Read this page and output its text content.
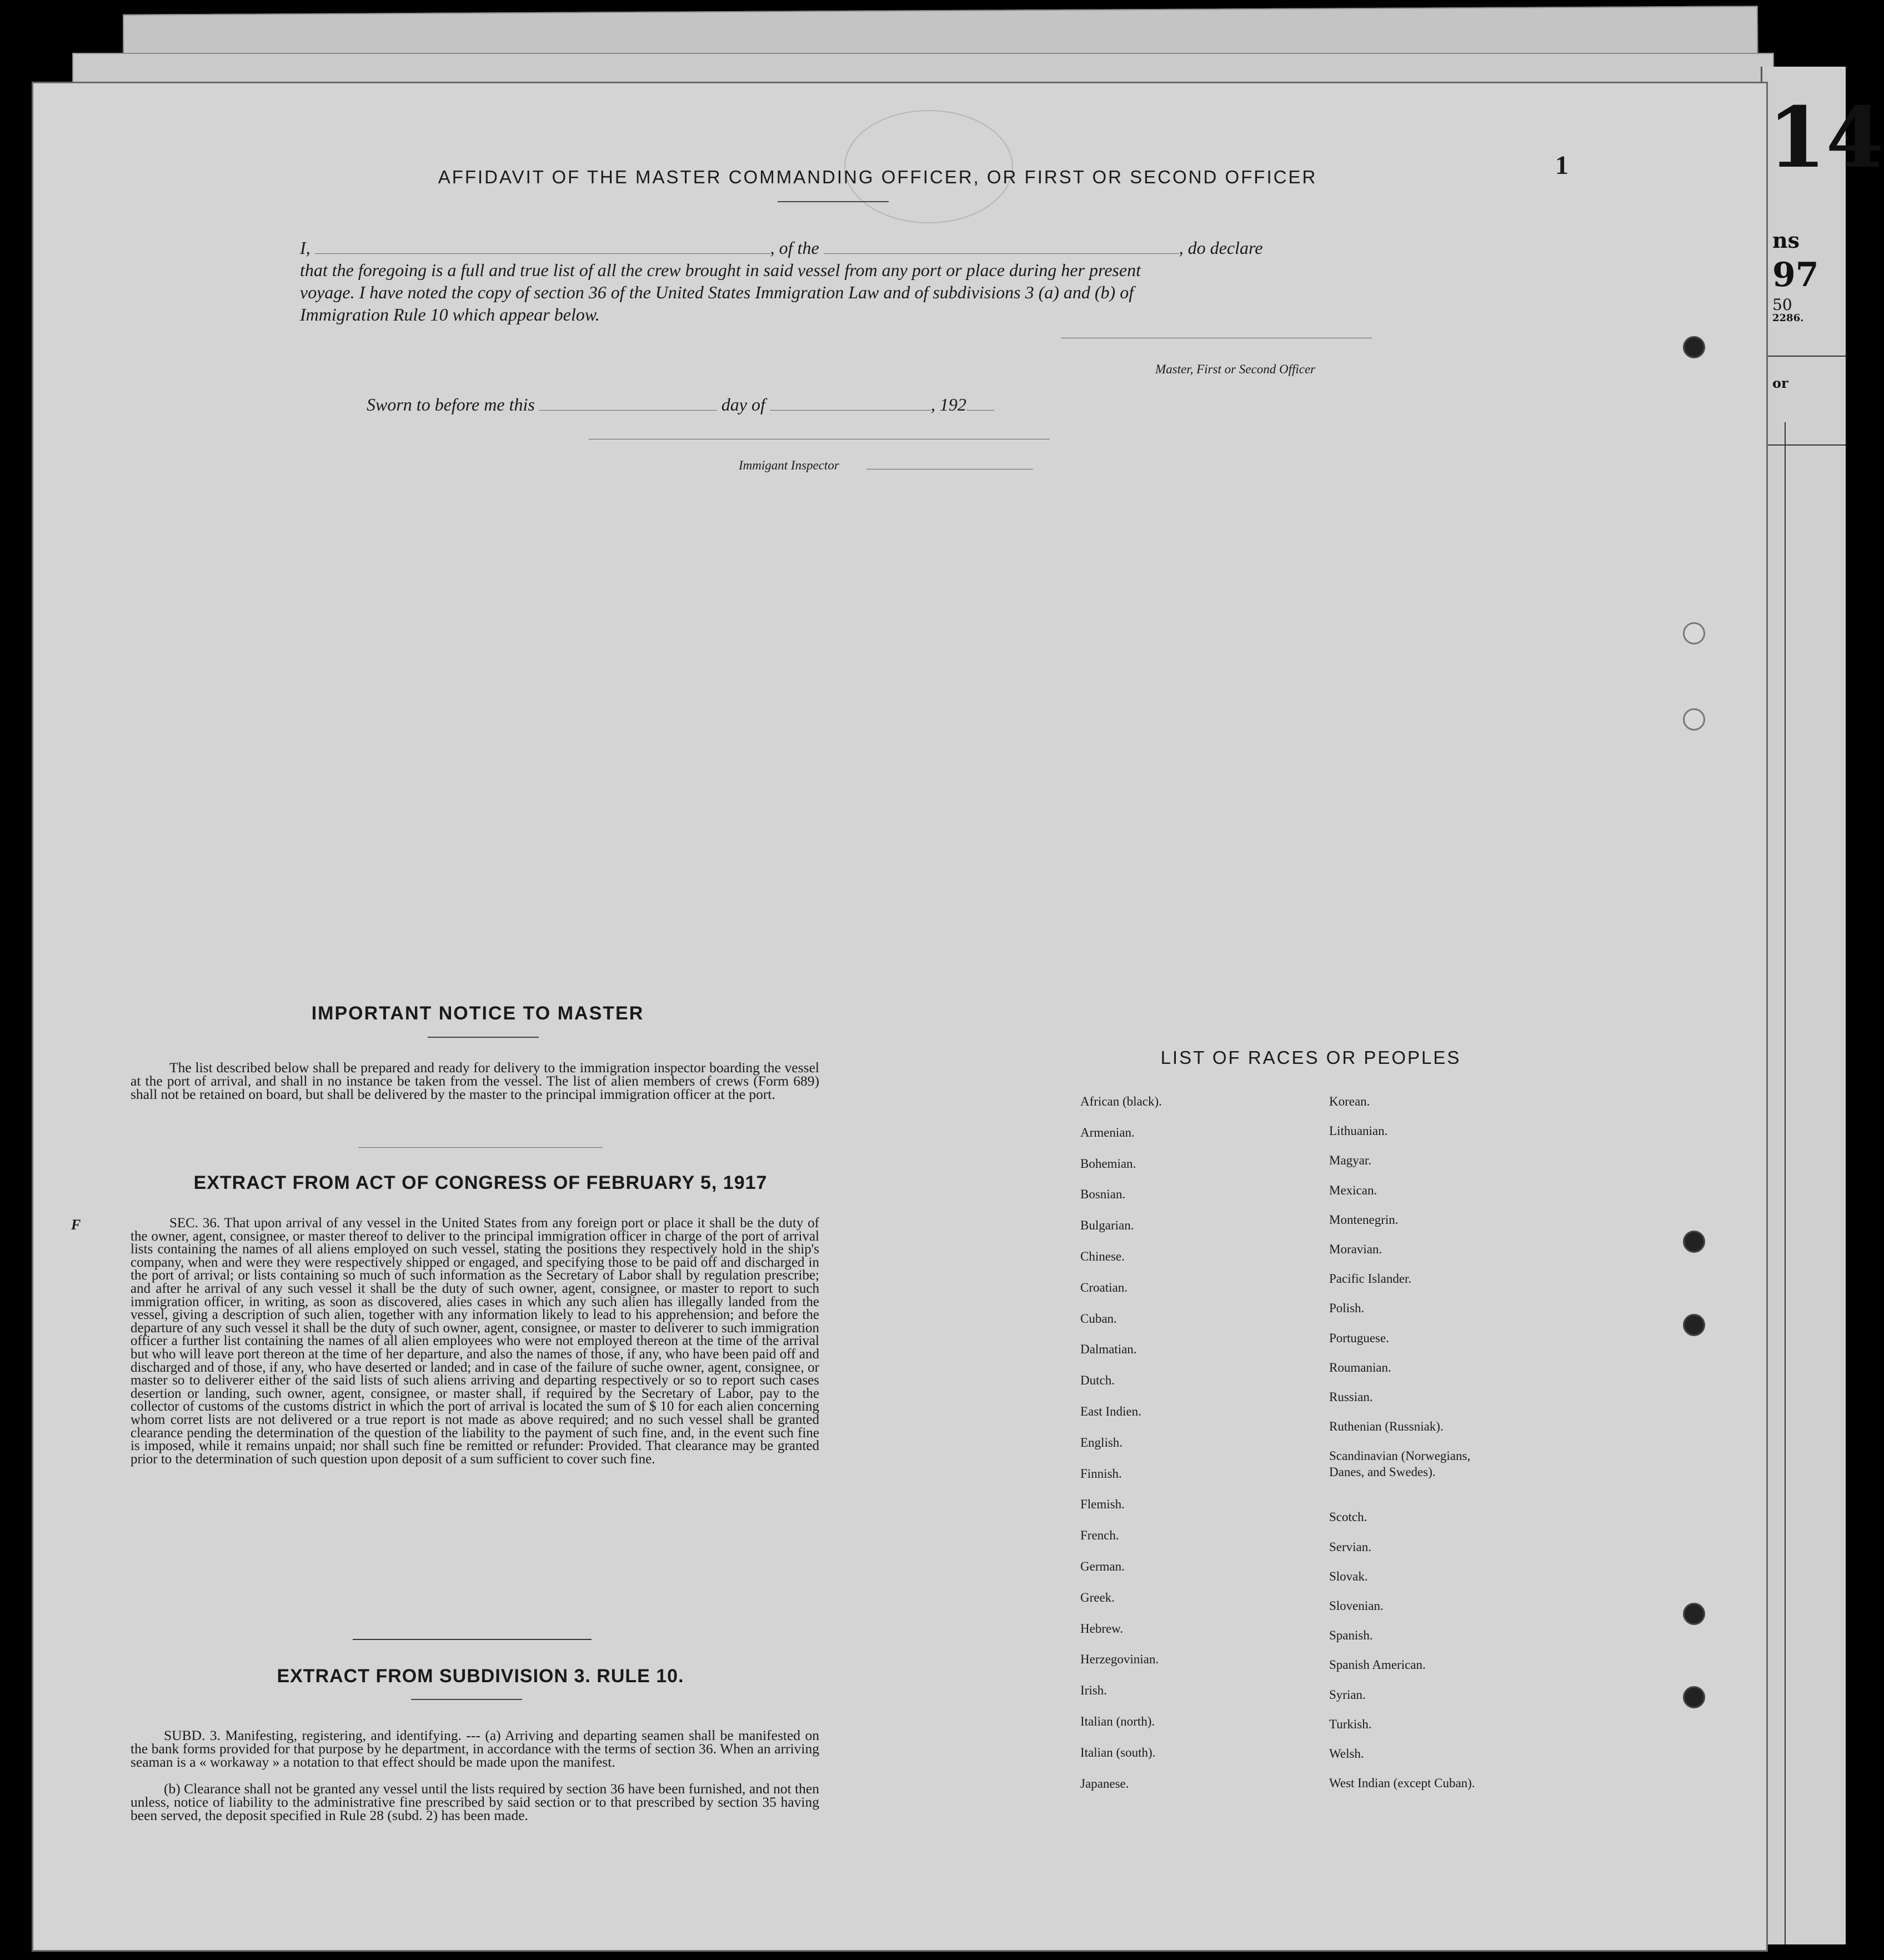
14
ns
97
50
2286.
or
1
F
AFFIDAVIT OF THE MASTER COMMANDING OFFICER, OR FIRST OR SECOND OFFICER
I,	, of the	, do declare
that the foregoing is a full and true list of all the crew brought in said vessel from any port or place during her present
voyage. I have noted the copy of section 36 of the United States Immigration Law and of subdivisions 3 (a) and (b) of
Immigration Rule 10 which appear below.
Master, First or Second Officer
Sworn to before me this	day of	, 192
Immigant Inspector
IMPORTANT NOTICE TO MASTER
The list described below shall be prepared and ready for delivery to the immigration inspector boarding the vessel at the port of arrival, and shall in no instance be taken from the vessel. The list of alien members of crews (Form 689) shall not be retained on board, but shall be delivered by the master to the principal immigration officer at the port.
EXTRACT FROM ACT OF CONGRESS OF FEBRUARY 5, 1917
SEC. 36. That upon arrival of any vessel in the United States from any foreign port or place it shall be the duty of the owner, agent, consignee, or master thereof to deliver to the principal immigration officer in charge of the port of arrival lists containing the names of all aliens employed on such vessel, stating the positions they respectively hold in the ship's company, when and were they were respectively shipped or engaged, and specifying those to be paid off and discharged in the port of arrival; or lists containing so much of such information as the Secretary of Labor shall by regulation prescribe; and after he arrival of any such vessel it shall be the duty of such owner, agent, consignee, or master to report to such immigration officer, in writing, as soon as discovered, alies cases in which any such alien has illegally landed from the vessel, giving a description of such alien, together with any information likely to lead to his apprehension; and before the departure of any such vessel it shall be the duty of such owner, agent, consignee, or master to deliverer to such immigration officer a further list containing the names of all alien employees who were not employed thereon at the time of the arrival but who will leave port thereon at the time of her departure, and also the names of those, if any, who have been paid off and discharged and of those, if any, who have deserted or landed; and in case of the failure of suche owner, agent, consignee, or master so to deliverer either of the said lists of such aliens arriving and departing respectively or so to report such cases desertion or landing, such owner, agent, consignee, or master shall, if required by the Secretary of Labor, pay to the collector of customs of the customs district in which the port of arrival is located the sum of $ 10 for each alien concerning whom corret lists are not delivered or a true report is not made as above required; and no such vessel shall be granted clearance pending the determination of the question of the liability to the payment of such fine, and, in the event such fine is imposed, while it remains unpaid; nor shall such fine be remitted or refunder: Provided. That clearance may be granted prior to the determination of such question upon deposit of a sum sufficient to cover such fine.
EXTRACT FROM SUBDIVISION 3. RULE 10.
SUBD. 3. Manifesting, registering, and identifying. --- (a) Arriving and departing seamen shall be manifested on the bank forms provided for that purpose by he department, in accordance with the terms of section 36. When an arriving seaman is a « workaway » a notation to that effect should be made upon the manifest.
(b) Clearance shall not be granted any vessel until the lists required by section 36 have been furnished, and not then unless, notice of liability to the administrative fine prescribed by said section or to that prescribed by section 35 having been served, the deposit specified in Rule 28 (subd. 2) has been made.
LIST OF RACES OR PEOPLES
African (black).
Armenian.
Bohemian.
Bosnian.
Bulgarian.
Chinese.
Croatian.
Cuban.
Dalmatian.
Dutch.
East Indien.
English.
Finnish.
Flemish.
French.
German.
Greek.
Hebrew.
Herzegovinian.
Irish.
Italian (north).
Italian (south).
Japanese.
Korean.
Lithuanian.
Magyar.
Mexican.
Montenegrin.
Moravian.
Pacific Islander.
Polish.
Portuguese.
Roumanian.
Russian.
Ruthenian (Russniak).
Scandinavian (Norwegians,
Danes, and Swedes).
Scotch.
Servian.
Slovak.
Slovenian.
Spanish.
Spanish American.
Syrian.
Turkish.
Welsh.
West Indian (except Cuban).
